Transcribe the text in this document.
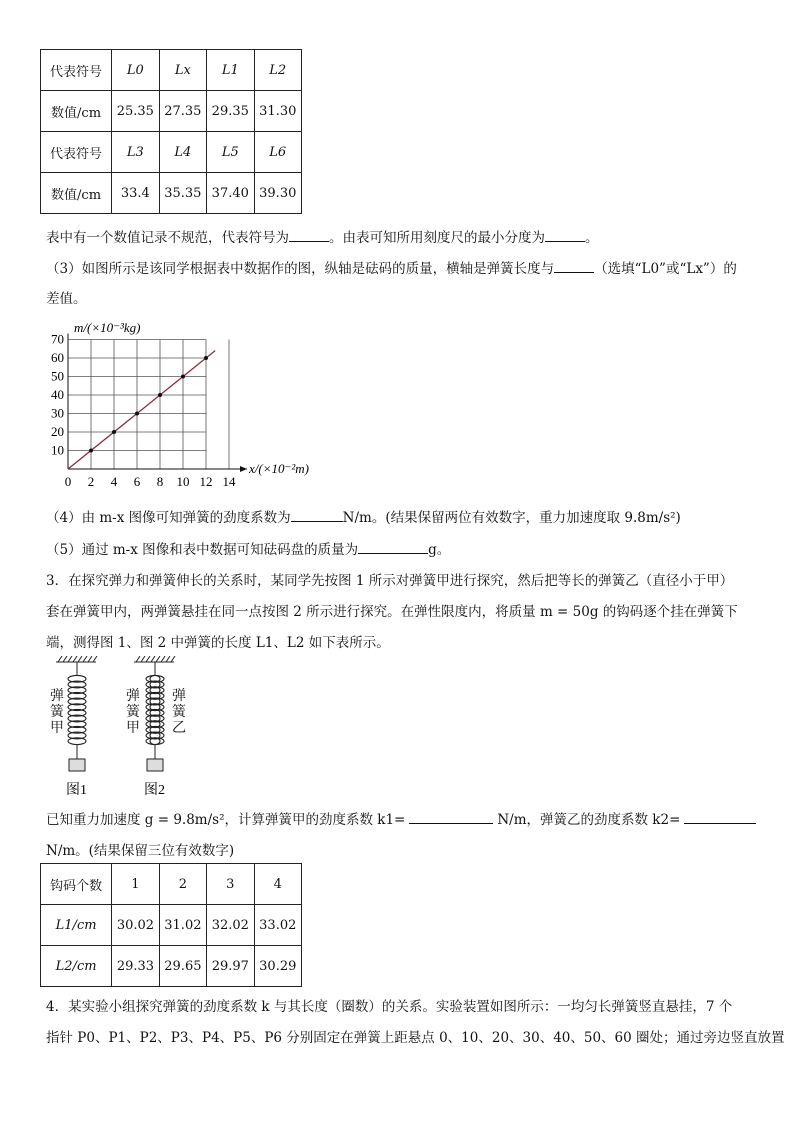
代表符号	L0	Lx	L1	L2
数值/cm	25.35	27.35	29.35	31.30
代表符号	L3	L4	L5	L6
数值/cm	33.4	35.35	37.40	39.30
表中有一个数值记录不规范，代表符号为	。由表可知所用刻度尺的最小分度为	。
（3）如图所示是该同学根据表中数据作的图，纵轴是砝码的质量，横轴是弹簧长度与	（选填“L0”或“Lx”）的
差值。
0 2 4 6 8 10 12 14
10
20
30
40
50
60
70
m/(×10⁻³kg)
x/(×10⁻²m)
（4）由 m-x 图像可知弹簧的劲度系数为	N/m。(结果保留两位有效数字，重力加速度取 9.8m/s²)
（5）通过 m-x 图像和表中数据可知砝码盘的质量为	g。
3．在探究弹力和弹簧伸长的关系时，某同学先按图 1 所示对弹簧甲进行探究，然后把等长的弹簧乙（直径小于甲）
套在弹簧甲内，两弹簧悬挂在同一点按图 2 所示进行探究。在弹性限度内，将质量 m = 50g 的钩码逐个挂在弹簧下
端，测得图 1、图 2 中弹簧的长度 L1、L2 如下表所示。
弹簧甲
弹簧甲
弹簧乙
图1	图2
已知重力加速度 g = 9.8m/s²，计算弹簧甲的劲度系数 k1=	N/m，弹簧乙的劲度系数 k2=
N/m。(结果保留三位有效数字)
钩码个数	1	2	3	4
L1/cm	30.02	31.02	32.02	33.02
L2/cm	29.33	29.65	29.97	30.29
4．某实验小组探究弹簧的劲度系数 k 与其长度（圈数）的关系。实验装置如图所示：一均匀长弹簧竖直悬挂，7 个
指针 P0、P1、P2、P3、P4、P5、P6 分别固定在弹簧上距悬点 0、10、20、30、40、50、60 圈处；通过旁边竖直放置
